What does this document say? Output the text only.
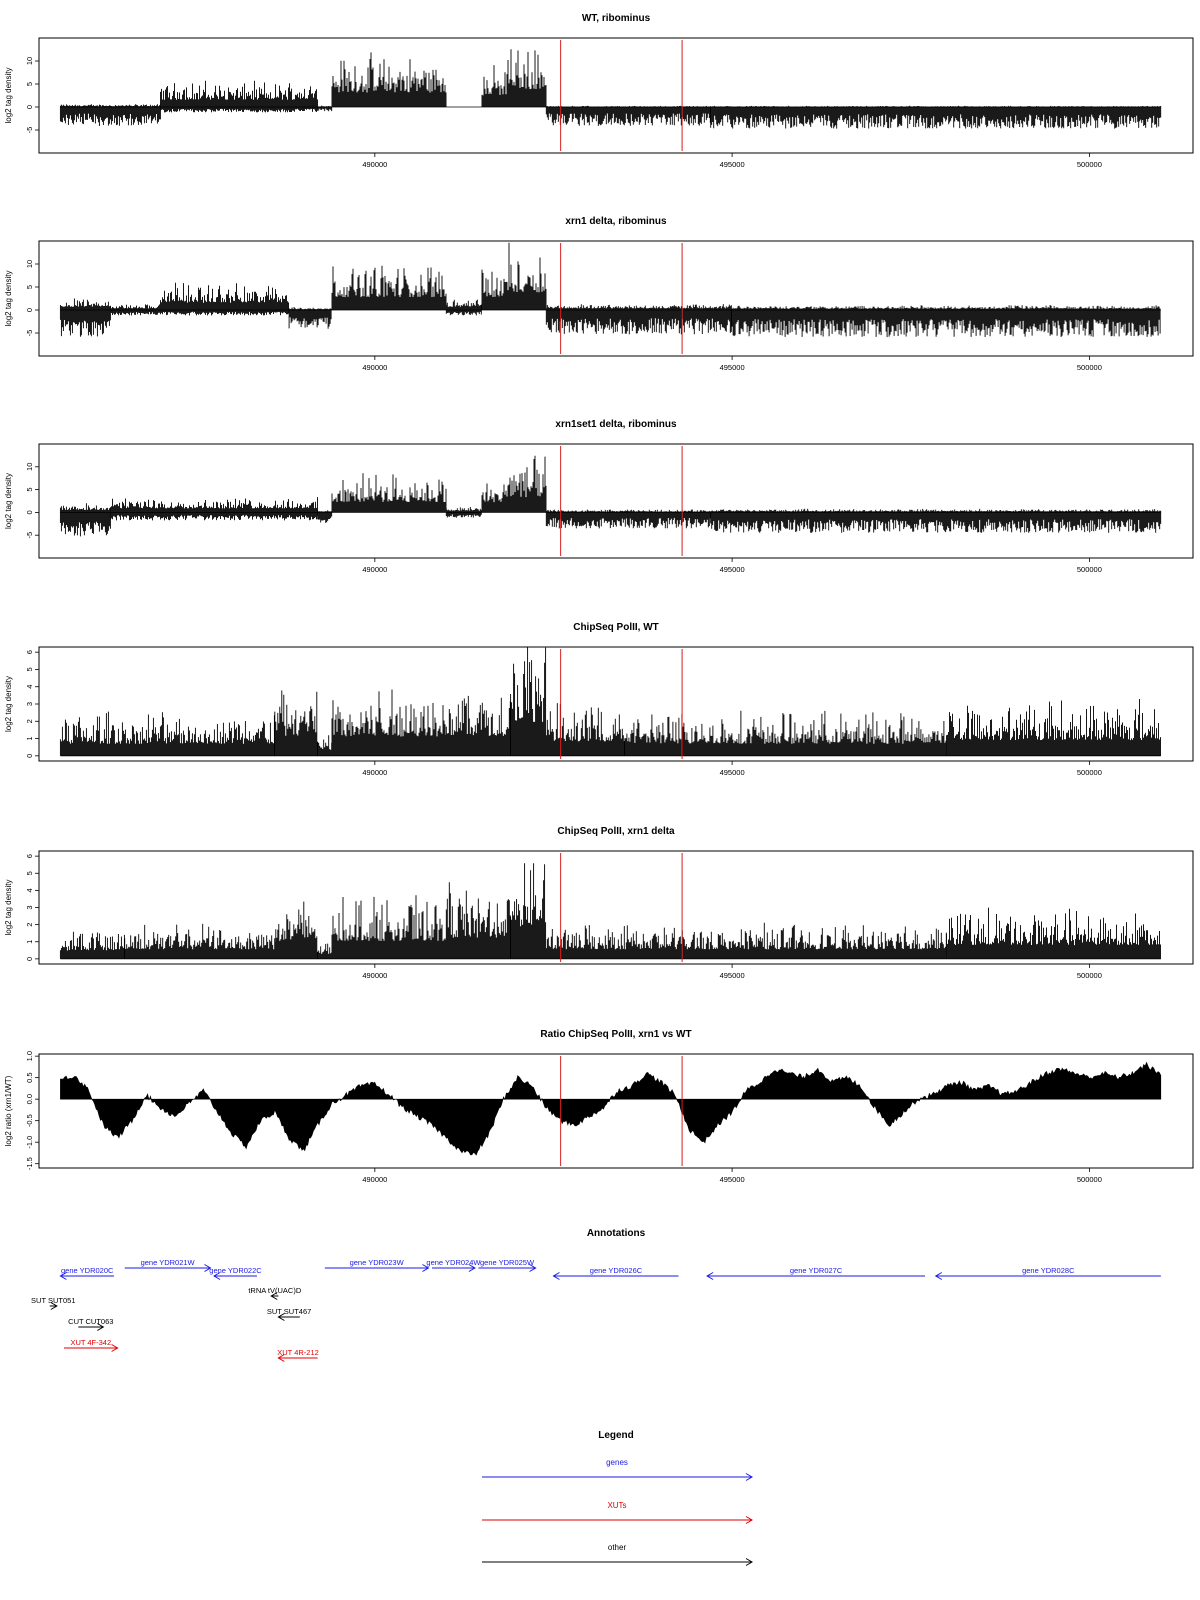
WT, ribominus
log2 tag density
-5
0
5
10
490000	495000	500000
xrn1 delta, ribominus
log2 tag density
-5
0
5
10
490000	495000	500000
xrn1set1 delta, ribominus
log2 tag density
-5
0
5
10
490000	495000	500000
ChipSeq PolII, WT
log2 tag density
0
1
2
3
4
5
6
490000	495000	500000
ChipSeq PolII, xrn1 delta
log2 tag density
0
1
2
3
4
5
6
490000	495000	500000
Ratio ChipSeq PolII, xrn1 vs WT
log2 ratio (xrn1/WT)
-1.5
-1.0
-0.5
0.0
0.5
1.0
490000	495000	500000
Annotations
gene YDR020C
gene YDR021W
gene YDR022C
gene YDR023W	gene YDR024W gene YDR025W
gene YDR026C	gene YDR027C	gene YDR028C
tRNA tV(UAC)D
SUT SUT051
SUT SUT467
CUT CUT063
XUT 4F-342
XUT 4R-212
Legend
genes
XUTs
other
